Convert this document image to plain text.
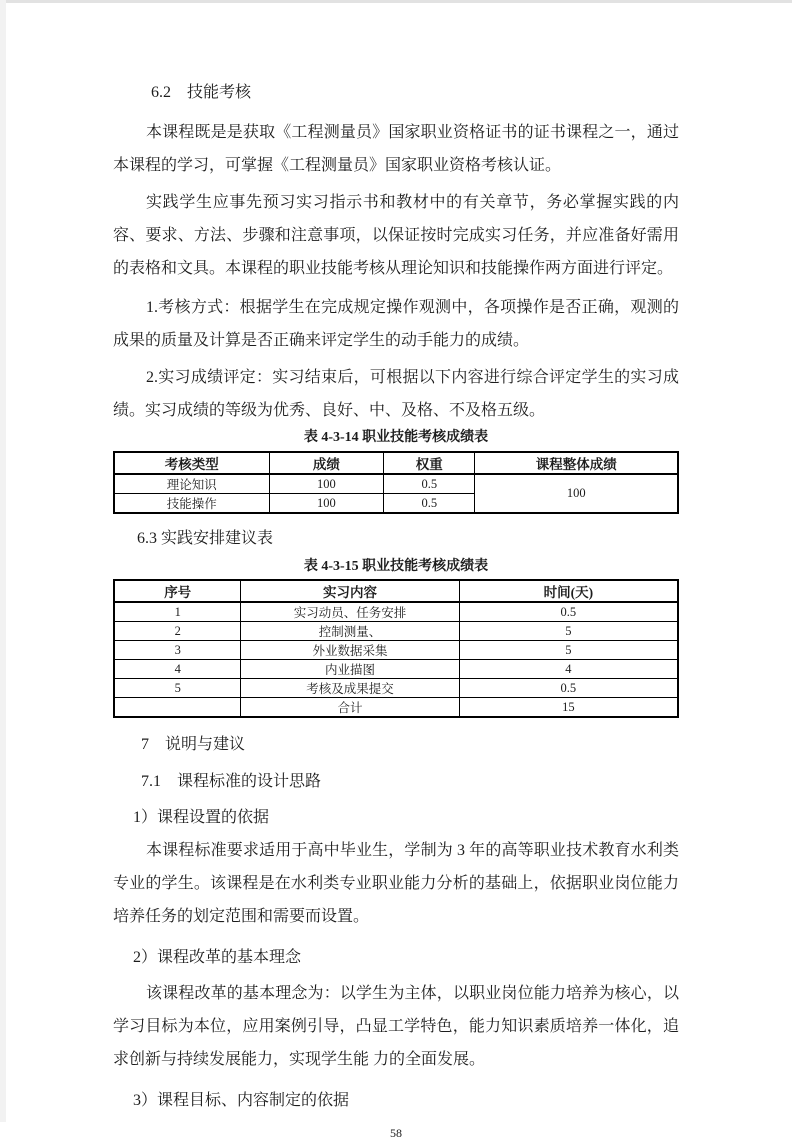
6.2　技能考核

本课程既是是获取《工程测量员》国家职业资格证书的证书课程之一，通过本课程的学习，可掌握《工程测量员》国家职业资格考核认证。

实践学生应事先预习实习指示书和教材中的有关章节，务必掌握实践的内容、要求、方法、步骤和注意事项，以保证按时完成实习任务，并应准备好需用的表格和文具。本课程的职业技能考核从理论知识和技能操作两方面进行评定。

1.考核方式：根据学生在完成规定操作观测中，各项操作是否正确，观测的成果的质量及计算是否正确来评定学生的动手能力的成绩。

2.实习成绩评定：实习结束后，可根据以下内容进行综合评定学生的实习成绩。实习成绩的等级为优秀、良好、中、及格、不及格五级。

表 4-3-14 职业技能考核成绩表

考核类型	成绩	权重	课程整体成绩
理论知识	100	0.5	100
技能操作	100	0.5	
6.3 实践安排建议表

表 4-3-15 职业技能考核成绩表

序号	实习内容	时间(天)
1	实习动员、任务安排	0.5
2	控制测量、	5
3	外业数据采集	5
4	内业描图	4
5	考核及成果提交	0.5
	合计	15
7　说明与建议
7.1　课程标准的设计思路
1）课程设置的依据

本课程标准要求适用于高中毕业生，学制为 3 年的高等职业技术教育水利类专业的学生。该课程是在水利类专业职业能力分析的基础上，依据职业岗位能力培养任务的划定范围和需要而设置。

2）课程改革的基本理念

该课程改革的基本理念为：以学生为主体，以职业岗位能力培养为核心，以学习目标为本位，应用案例引导，凸显工学特色，能力知识素质培养一体化，追求创新与持续发展能力，实现学生能 力的全面发展。

3）课程目标、内容制定的依据
58
